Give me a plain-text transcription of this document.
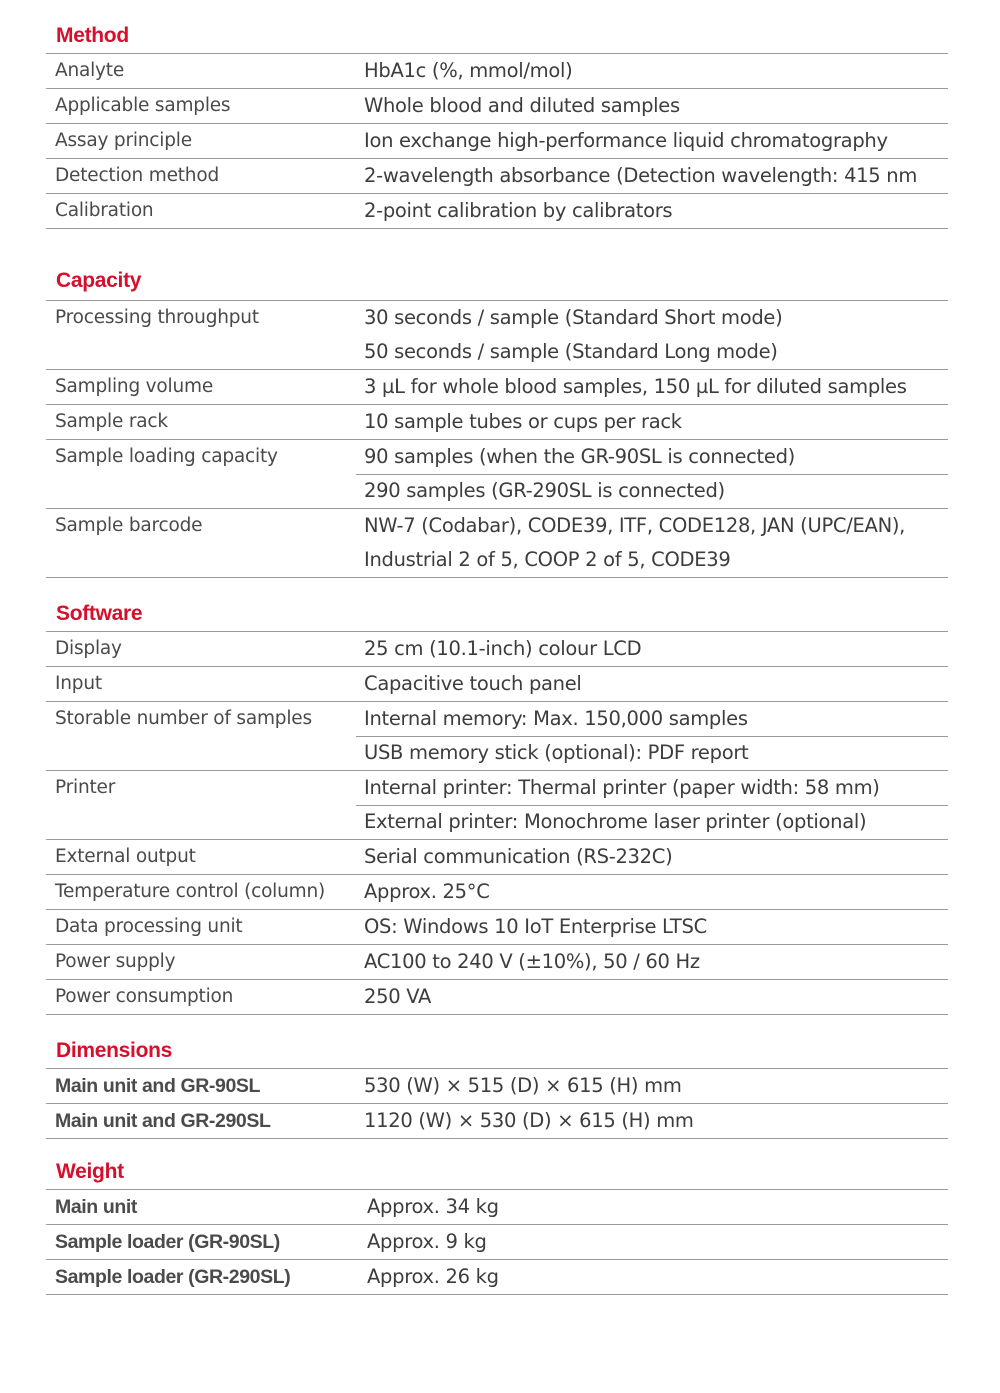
Method
Analyte	HbA1c (%, mmol/mol)
Applicable samples	Whole blood and diluted samples
Assay principle	Ion exchange high-performance liquid chromatography
Detection method	2-wavelength absorbance (Detection wavelength: 415 nm
Calibration	2-point calibration by calibrators
Capacity
Processing throughput	30 seconds / sample (Standard Short mode)
50 seconds / sample (Standard Long mode)
Sampling volume	3 µL for whole blood samples, 150 µL for diluted samples
Sample rack	10 sample tubes or cups per rack
Sample loading capacity	90 samples (when the GR-90SL is connected)
290 samples (GR-290SL is connected)
Sample barcode	NW-7 (Codabar), CODE39, ITF, CODE128, JAN (UPC/EAN),
Industrial 2 of 5, COOP 2 of 5, CODE39
Software
Display	25 cm (10.1-inch) colour LCD
Input	Capacitive touch panel
Storable number of samples	Internal memory: Max. 150,000 samples
USB memory stick (optional): PDF report
Printer	Internal printer: Thermal printer (paper width: 58 mm)
External printer: Monochrome laser printer (optional)
External output	Serial communication (RS-232C)
Temperature control (column) Approx. 25°C
Data processing unit	OS: Windows 10 IoT Enterprise LTSC
Power supply	AC100 to 240 V (±10%), 50 / 60 Hz
Power consumption	250 VA
Dimensions
Main unit and GR-90SL	530 (W) × 515 (D) × 615 (H) mm
Main unit and GR-290SL	1120 (W) × 530 (D) × 615 (H) mm
Weight
Main unit	Approx. 34 kg
Sample loader (GR-90SL)	Approx. 9 kg
Sample loader (GR-290SL)	Approx. 26 kg
